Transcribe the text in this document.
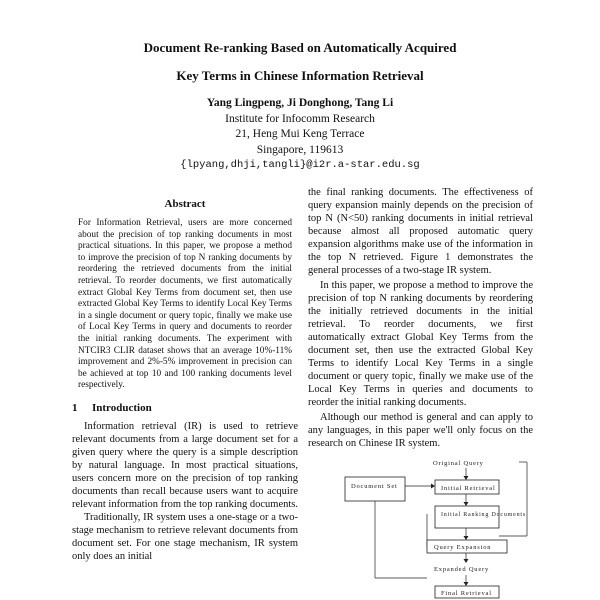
Document Re-ranking Based on Automatically Acquired
Key Terms in Chinese Information Retrieval
Yang Lingpeng, Ji Donghong, Tang Li
Institute for Infocomm Research
21, Heng Mui Keng Terrace
Singapore, 119613
{lpyang,dhji,tangli}@i2r.a-star.edu.sg
Abstract

For Information Retrieval, users are more concerned about the precision of top ranking documents in most practical situations. In this paper, we propose a method to improve the precision of top N ranking documents by reordering the retrieved documents from the initial retrieval. To reorder documents, we first automatically extract Global Key Terms from document set, then use extracted Global Key Terms to identify Local Key Terms in a single document or query topic, finally we make use of Local Key Terms in query and documents to reorder the initial ranking documents. The experiment with NTCIR3 CLIR dataset shows that an average 10%-11% improvement and 2%-5% improvement in precision can be achieved at top 10 and 100 ranking documents level respectively.

1 Introduction

Information retrieval (IR) is used to retrieve relevant documents from a large document set for a given query where the query is a simple description by natural language. In most practical situations, users concern more on the precision of top ranking documents than recall because users want to acquire relevant information from the top ranking documents.

Traditionally, IR system uses a one-stage or a two-stage mechanism to retrieve relevant documents from document set. For one stage mechanism, IR system only does an initial

the final ranking documents. The effectiveness of query expansion mainly depends on the precision of top N (N<50) ranking documents in initial retrieval because almost all proposed automatic query expansion algorithms make use of the information in the top N retrieved. Figure 1 demonstrates the general processes of a two-stage IR system.

In this paper, we propose a method to improve the precision of top N ranking documents by reordering the initially retrieved documents in the initial retrieval. To reorder documents, we first automatically extract Global Key Terms from the document set, then use the extracted Global Key Terms to identify Local Key Terms in a single document or query topic, finally we make use of the Local Key Terms in queries and documents to reorder the initial ranking documents.

Although our method is general and can apply to any languages, in this paper we'll only focus on the research on Chinese IR system.

Original Query
Document Set	Initial Retrieval
Initial Ranking Documents
Query Expansion
Expanded Query
Final Retrieval
